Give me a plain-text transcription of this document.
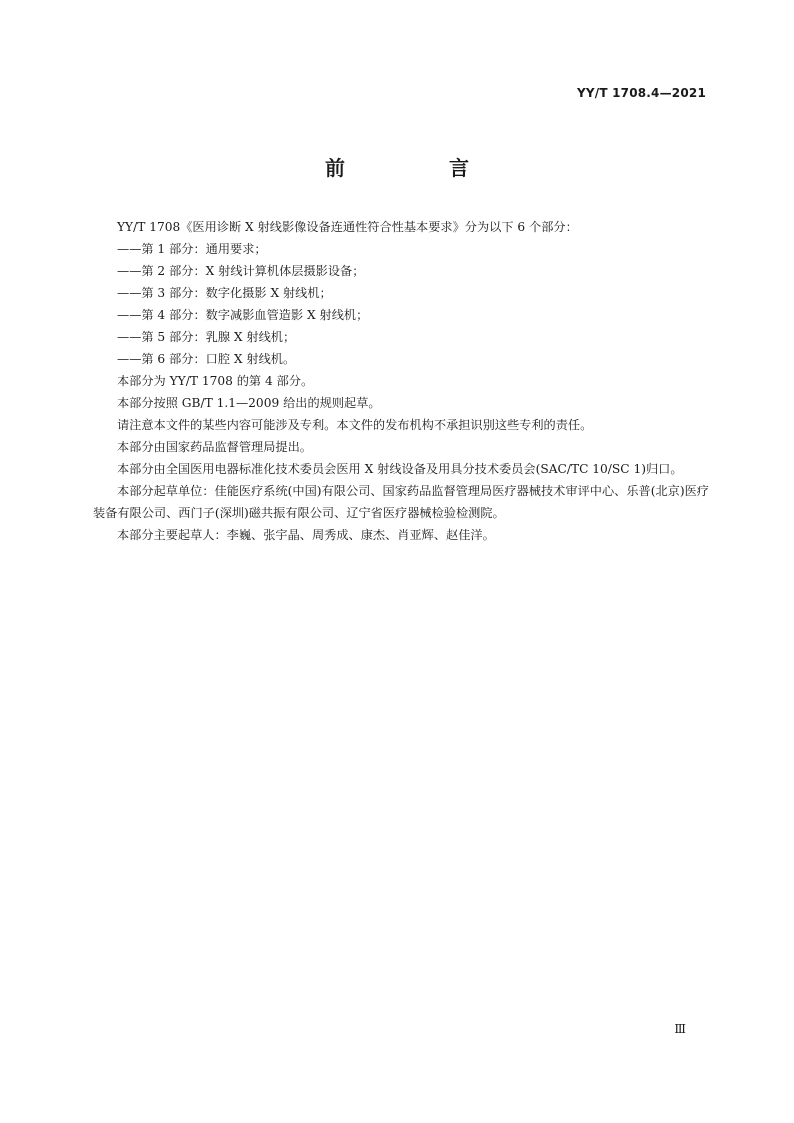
YY/T 1708.4—2021
前　言

YY/T 1708《医用诊断 X 射线影像设备连通性符合性基本要求》分为以下 6 个部分：

——第 1 部分：通用要求；

——第 2 部分：X 射线计算机体层摄影设备；

——第 3 部分：数字化摄影 X 射线机；

——第 4 部分：数字减影血管造影 X 射线机；

——第 5 部分：乳腺 X 射线机；

——第 6 部分：口腔 X 射线机。

本部分为 YY/T 1708 的第 4 部分。

本部分按照 GB/T 1.1—2009 给出的规则起草。

请注意本文件的某些内容可能涉及专利。本文件的发布机构不承担识别这些专利的责任。

本部分由国家药品监督管理局提出。

本部分由全国医用电器标准化技术委员会医用 X 射线设备及用具分技术委员会(SAC/TC 10/SC 1)归口。

本部分起草单位：佳能医疗系统(中国)有限公司、国家药品监督管理局医疗器械技术审评中心、乐普(北京)医疗装备有限公司、西门子(深圳)磁共振有限公司、辽宁省医疗器械检验检测院。

本部分主要起草人：李巍、张宇晶、周秀成、康杰、肖亚辉、赵佳洋。

Ⅲ
